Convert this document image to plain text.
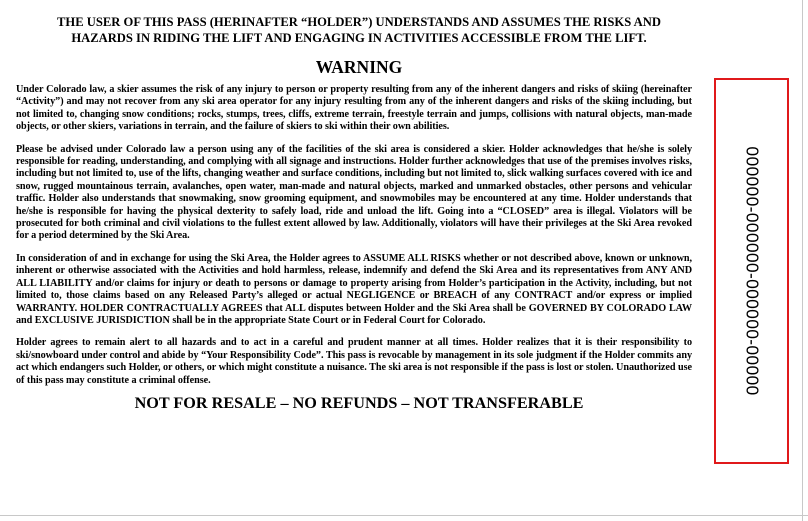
THE USER OF THIS PASS (HERINAFTER “HOLDER”) UNDERSTANDS AND ASSUMES THE RISKS AND
HAZARDS IN RIDING THE LIFT AND ENGAGING IN ACTIVITIES ACCESSIBLE FROM THE LIFT.
WARNING

Under Colorado law, a skier assumes the risk of any injury to person or property resulting from any of the inherent dangers and risks of skiing (hereinafter “Activity”) and may not recover from any ski area operator for any injury resulting from any of the inherent dangers and risks of the skiing including, but not limited to, changing snow conditions; rocks, stumps, trees, cliffs, extreme terrain, freestyle terrain and jumps, collisions with natural objects, man-made objects, or other skiers, variations in terrain, and the failure of skiers to ski within their own abilities.

Please be advised under Colorado law a person using any of the facilities of the ski area is considered a skier. Holder acknowledges that he/she is solely responsible for reading, understanding, and complying with all signage and instructions. Holder further acknowledges that use of the premises involves risks, including but not limited to, use of the lifts, changing weather and surface conditions, including but not limited to, slick walking surfaces covered with ice and snow, rugged mountainous terrain, avalanches, open water, man-made and natural objects, marked and unmarked obstacles, other persons and vehicular traffic. Holder also understands that snowmaking, snow grooming equipment, and snowmobiles may be encountered at any time. Holder understands that he/she is responsible for having the physical dexterity to safely load, ride and unload the lift. Going into a “CLOSED” area is illegal. Violators will be prosecuted for both criminal and civil violations to the fullest extent allowed by law. Additionally, violators will have their privileges at the Ski Area revoked for a period determined by the Ski Area.

In consideration of and in exchange for using the Ski Area, the Holder agrees to ASSUME ALL RISKS whether or not described above, known or unknown, inherent or otherwise associated with the Activities and hold harmless, release, indemnify and defend the Ski Area and its representatives from ANY AND ALL LIABILITY and/or claims for injury or death to persons or damage to property arising from Holder’s participation in the Activity, including, but not limited to, those claims based on any Released Party’s alleged or actual NEGLIGENCE or BREACH of any CONTRACT and/or express or implied WARRANTY. HOLDER CONTRACTUALLY AGREES that ALL disputes between Holder and the Ski Area shall be GOVERNED BY COLORADO LAW and EXCLUSIVE JURISDICTION shall be in the appropriate State Court or in Federal Court for Colorado.

Holder agrees to remain alert to all hazards and to act in a careful and prudent manner at all times. Holder realizes that it is their responsibility to ski/snowboard under control and abide by “Your Responsibility Code”. This pass is revocable by management in its sole judgment if the Holder commits any act which endangers such Holder, or others, or which might constitute a nuisance. The ski area is not responsible if the pass is lost or stolen. Unauthorized use of this pass may constitute a criminal offense.

NOT FOR RESALE – NO REFUNDS – NOT TRANSFERABLE
000000-000000-000000-00000
